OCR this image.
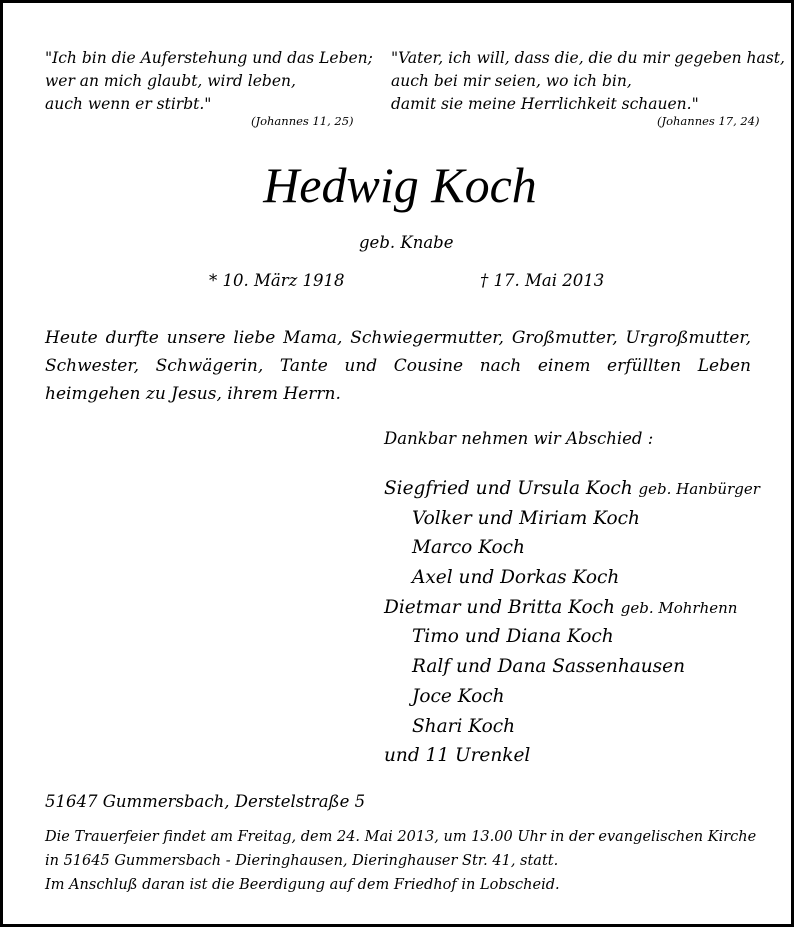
"Ich bin die Auferstehung und das Leben;
wer an mich glaubt, wird leben,
auch wenn er stirbt."
(Johannes 11, 25)
"Vater, ich will, dass die, die du mir gegeben hast,
auch bei mir seien, wo ich bin,
damit sie meine Herrlichkeit schauen."
(Johannes 17, 24)
Hedwig Koch
geb. Knabe
* 10. März 1918	† 17. Mai 2013
Heute durfte unsere liebe Mama, Schwiegermutter, Großmutter, Urgroßmutter, Schwester, Schwägerin, Tante und Cousine nach einem erfüllten Leben heimgehen zu Jesus, ihrem Herrn.
Dankbar nehmen wir Abschied :
Siegfried und Ursula Koch geb. Hanbürger
Volker und Miriam Koch
Marco Koch
Axel und Dorkas Koch
Dietmar und Britta Koch geb. Mohrhenn
Timo und Diana Koch
Ralf und Dana Sassenhausen
Joce Koch
Shari Koch
und 11 Urenkel
51647 Gummersbach, Derstelstraße 5
Die Trauerfeier findet am Freitag, dem 24. Mai 2013, um 13.00 Uhr in der evangelischen Kirche
in 51645 Gummersbach - Dieringhausen, Dieringhauser Str. 41, statt.
Im Anschluß daran ist die Beerdigung auf dem Friedhof in Lobscheid.
